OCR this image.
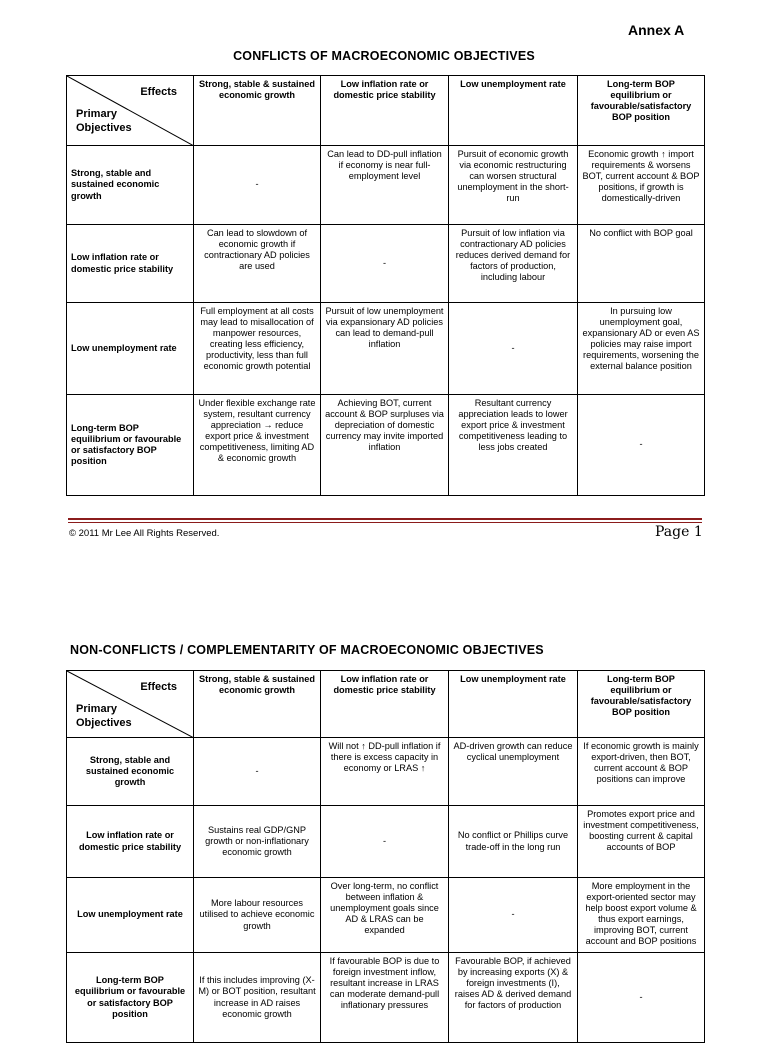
Annex A
CONFLICTS OF MACROECONOMIC OBJECTIVES
Effects
Primary
Objectives	Strong, stable & sustained economic growth	Low inflation rate or domestic price stability	Low unemployment rate	Long-term BOP equilibrium or favourable/satisfactory BOP position
Strong, stable and sustained economic growth	-	Can lead to DD-pull inflation if economy is near full-employment level	Pursuit of economic growth via economic restructuring can worsen structural unemployment in the short-run	Economic growth ↑ import requirements & worsens BOT, current account & BOP positions, if growth is domestically-driven
Low inflation rate or domestic price stability	Can lead to slowdown of economic growth if contractionary AD policies are used	-	Pursuit of low inflation via contractionary AD policies reduces derived demand for factors of production, including labour	No conflict with BOP goal
Low unemployment rate	Full employment at all costs may lead to misallocation of manpower resources, creating less efficiency, productivity, less than full economic growth potential	Pursuit of low unemployment via expansionary AD policies can lead to demand-pull inflation	-	In pursuing low unemployment goal, expansionary AD or even AS policies may raise import requirements, worsening the external balance position
Long-term BOP equilibrium or favourable or satisfactory BOP position	Under flexible exchange rate system, resultant currency appreciation → reduce export price & investment competitiveness, limiting AD & economic growth	Achieving BOT, current account & BOP surpluses via depreciation of domestic currency may invite imported inflation	Resultant currency appreciation leads to lower export price & investment competitiveness leading to less jobs created	-
© 2011 Mr Lee All Rights Reserved.	Page 1
NON-CONFLICTS / COMPLEMENTARITY OF MACROECONOMIC OBJECTIVES
Effects
Primary
Objectives	Strong, stable & sustained economic growth	Low inflation rate or domestic price stability	Low unemployment rate	Long-term BOP equilibrium or favourable/satisfactory BOP position
Strong, stable and sustained economic growth	-	Will not ↑ DD-pull inflation if there is excess capacity in economy or LRAS ↑	AD-driven growth can reduce cyclical unemployment	If economic growth is mainly export-driven, then BOT, current account & BOP positions can improve
Low inflation rate or domestic price stability	Sustains real GDP/GNP growth or non-inflationary economic growth	-	No conflict or Phillips curve trade-off in the long run	Promotes export price and investment competitiveness, boosting current & capital accounts of BOP
Low unemployment rate	More labour resources utilised to achieve economic growth	Over long-term, no conflict between inflation & unemployment goals since AD & LRAS can be expanded	-	More employment in the export-oriented sector may help boost export volume & thus export earnings, improving BOT, current account and BOP positions
Long-term BOP equilibrium or favourable or satisfactory BOP position	If this includes improving (X-M) or BOT position, resultant increase in AD raises economic growth	If favourable BOP is due to foreign investment inflow, resultant increase in LRAS can moderate demand-pull inflationary pressures	Favourable BOP, if achieved by increasing exports (X) & foreign investments (I), raises AD & derived demand for factors of production	-
